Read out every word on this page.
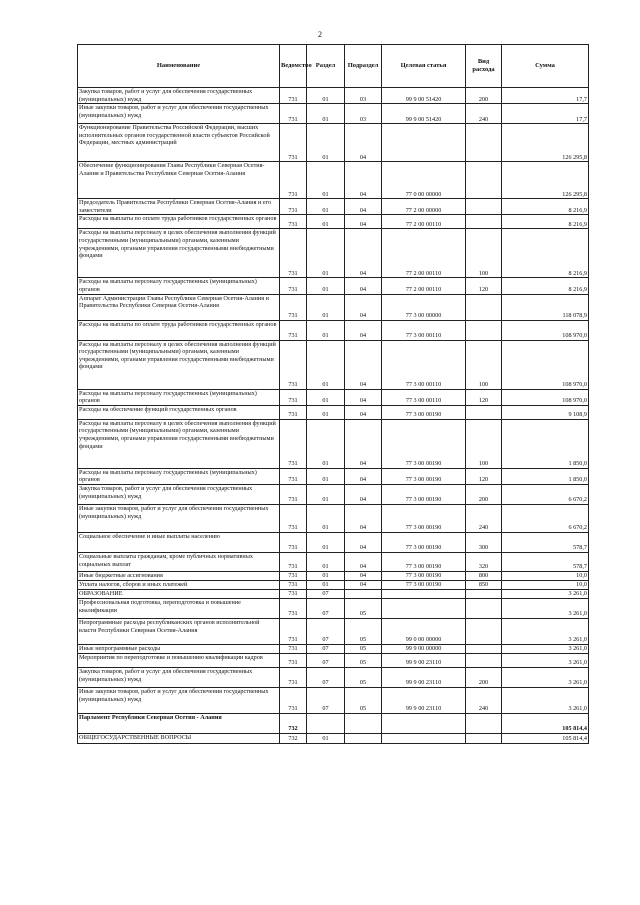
2
Наименование	Ведомство	Раздел	Подраздел	Целевая статья	Вид расхода	Сумма
Закупка товаров, работ и услуг для обеспечения государственных (муниципальных) нужд	731	01	03	99 9 00 51420	200	17,7
Иные закупки товаров, работ и услуг для обеспечения государственных (муниципальных) нужд	731	01	03	99 9 00 51420	240	17,7
Функционирование Правительства Российской Федерации, высших исполнительных органов государственной власти субъектов Российской Федерации, местных администраций	731	01	04			126 295,8
Обеспечение функционирования Главы Республики Северная Осетия-Алания и Правительства Республики Северная Осетия-Алания	731	01	04	77 0 00 00000		126 295,8
Председатель Правительства Республики Северная Осетия-Алания и его заместители	731	01	04	77 2 00 00000		8 216,9
Расходы на выплаты по оплате труда работников государственных органов	731	01	04	77 2 00 00110		8 216,9
Расходы на выплаты персоналу в целях обеспечения выполнения функций государственными (муниципальными) органами, казенными учреждениями, органами управления государственными внебюджетными фондами	731	01	04	77 2 00 00110	100	8 216,9
Расходы на выплаты персоналу государственных (муниципальных) органов	731	01	04	77 2 00 00110	120	8 216,9
Аппарат Администрации Главы Республики Северная Осетия-Алания и Правительства Республики Северная Осетия-Алания	731	01	04	77 3 00 00000		118 078,9
Расходы на выплаты по оплате труда работников государственных органов	731	01	04	77 3 00 00110		108 970,0
Расходы на выплаты персоналу в целях обеспечения выполнения функций государственными (муниципальными) органами, казенными учреждениями, органами управления государственными внебюджетными фондами	731	01	04	77 3 00 00110	100	108 970,0
Расходы на выплаты персоналу государственных (муниципальных) органов	731	01	04	77 3 00 00110	120	108 970,0
Расходы на обеспечение функций государственных органов	731	01	04	77 3 00 00190		9 108,9
Расходы на выплаты персоналу в целях обеспечения выполнения функций государственными (муниципальными) органами, казенными учреждениями, органами управления государственными внебюджетными фондами	731	01	04	77 3 00 00190	100	1 850,0
Расходы на выплаты персоналу государственных (муниципальных) органов	731	01	04	77 3 00 00190	120	1 850,0
Закупка товаров, работ и услуг для обеспечения государственных (муниципальных) нужд	731	01	04	77 3 00 00190	200	6 670,2
Иные закупки товаров, работ и услуг для обеспечения государственных (муниципальных) нужд	731	01	04	77 3 00 00190	240	6 670,2
Социальное обеспечение и иные выплаты населению	731	01	04	77 3 00 00190	300	578,7
Социальные выплаты гражданам, кроме публичных нормативных социальных выплат	731	01	04	77 3 00 00190	320	578,7
Иные бюджетные ассигнования	731	01	04	77 3 00 00190	800	10,0
Уплата налогов, сборов и иных платежей	731	01	04	77 3 00 00190	850	10,0
ОБРАЗОВАНИЕ	731	07				3 261,0
Профессиональная подготовка, переподготовка и повышение квалификации	731	07	05			3 261,0
Непрограммные расходы республиканских органов исполнительной власти Республики Северная Осетия-Алания	731	07	05	99 0 00 00000		3 261,0
Иные непрограммные расходы	731	07	05	99 9 00 00000		3 261,0
Мероприятия по переподготовке и повышению квалификации кадров	731	07	05	99 9 00 23110		3 261,0
Закупка товаров, работ и услуг для обеспечения государственных (муниципальных) нужд	731	07	05	99 9 00 23110	200	3 261,0
Иные закупки товаров, работ и услуг для обеспечения государственных (муниципальных) нужд	731	07	05	99 9 00 23110	240	3 261,0
Парламент Республики Северная Осетия - Алания	732					105 814,4
ОБЩЕГОСУДАРСТВЕННЫЕ ВОПРОСЫ	732	01				105 814,4
